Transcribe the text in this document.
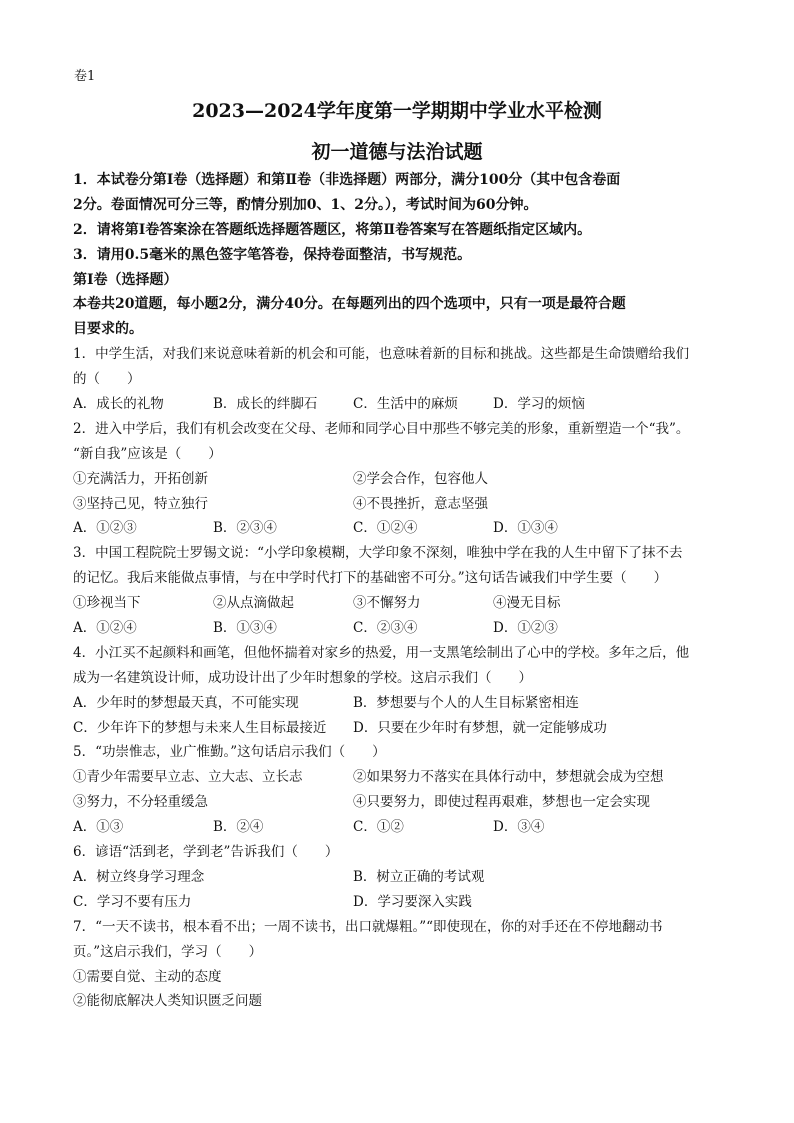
卷1
2023—2024学年度第一学期期中学业水平检测
初一道德与法治试题
1．本试卷分第Ⅰ卷（选择题）和第Ⅱ卷（非选择题）两部分，满分100分（其中包含卷面
2分。卷面情况可分三等，酌情分别加0、1、2分。），考试时间为60分钟。
2．请将第Ⅰ卷答案涂在答题纸选择题答题区，将第Ⅱ卷答案写在答题纸指定区域内。
3．请用0.5毫米的黑色签字笔答卷，保持卷面整洁，书写规范。
第Ⅰ卷（选择题）
本卷共20道题，每小题2分，满分40分。在每题列出的四个选项中，只有一项是最符合题
目要求的。
1．中学生活，对我们来说意味着新的机会和可能，也意味着新的目标和挑战。这些都是生命馈赠给我们
的（　　）
A．成长的礼物	B．成长的绊脚石	C．生活中的麻烦	D．学习的烦恼
2．进入中学后，我们有机会改变在父母、老师和同学心目中那些不够完美的形象，重新塑造一个“我”。
“新自我”应该是（　　）
①充满活力，开拓创新	②学会合作，包容他人
③坚持己见，特立独行	④不畏挫折，意志坚强
A．①②③	B．②③④	C．①②④	D．①③④
3．中国工程院院士罗锡文说：“小学印象模糊，大学印象不深刻，唯独中学在我的人生中留下了抹不去
的记忆。我后来能做点事情，与在中学时代打下的基础密不可分。”这句话告诫我们中学生要（　　）
①珍视当下	②从点滴做起	③不懈努力	④漫无目标
A．①②④	B．①③④	C．②③④	D．①②③
4．小江买不起颜料和画笔，但他怀揣着对家乡的热爱，用一支黑笔绘制出了心中的学校。多年之后，他
成为一名建筑设计师，成功设计出了少年时想象的学校。这启示我们（　　）
A．少年时的梦想最天真，不可能实现	B．梦想要与个人的人生目标紧密相连
C．少年许下的梦想与未来人生目标最接近	D．只要在少年时有梦想，就一定能够成功
5．“功崇惟志，业广惟勤。”这句话启示我们（　　）
①青少年需要早立志、立大志、立长志	②如果努力不落实在具体行动中，梦想就会成为空想
③努力，不分轻重缓急	④只要努力，即使过程再艰难，梦想也一定会实现
A．①③	B．②④	C．①②	D．③④
6．谚语“活到老，学到老”告诉我们（　　）
A．树立终身学习理念	B．树立正确的考试观
C．学习不要有压力	D．学习要深入实践
7．“一天不读书，根本看不出；一周不读书，出口就爆粗。”“即使现在，你的对手还在不停地翻动书
页。”这启示我们，学习（　　）
①需要自觉、主动的态度
②能彻底解决人类知识匮乏问题
